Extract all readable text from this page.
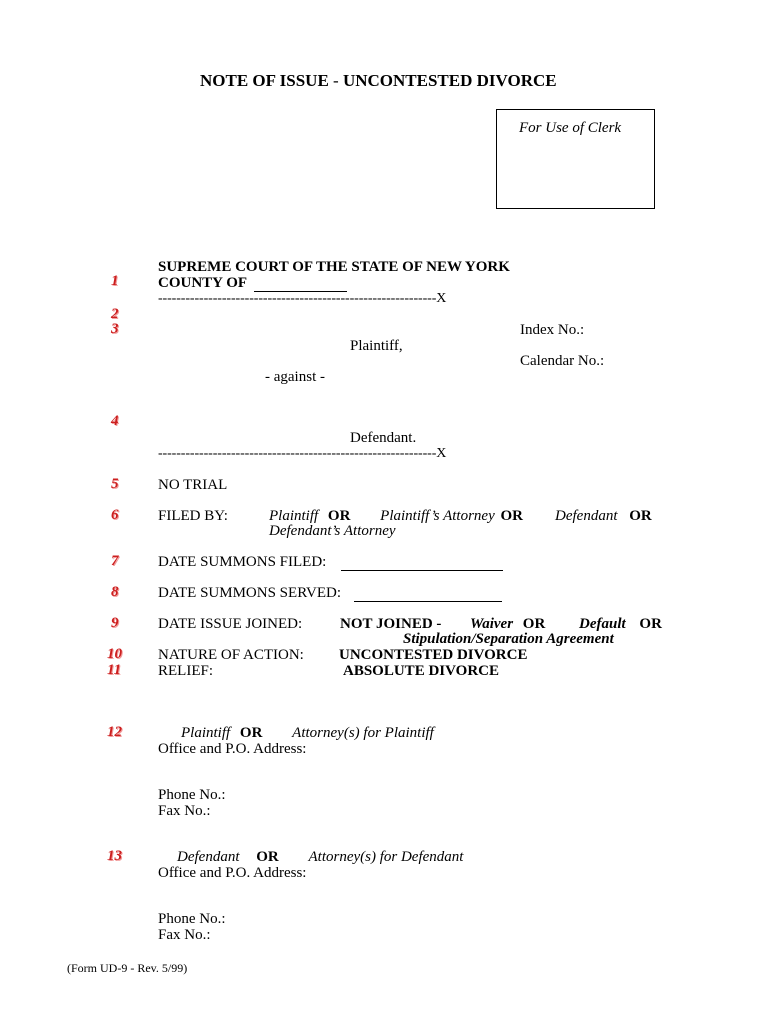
NOTE OF ISSUE - UNCONTESTED DIVORCE
For Use of Clerk
1
2
3
4
5
6
7
8
9
10
11
12
13
SUPREME COURT OF THE STATE OF NEW YORK
COUNTY OF
-------------------------------------------------------------X
Index No.:
Plaintiff,
Calendar No.:
- against -
Defendant.
-------------------------------------------------------------X
NO TRIAL
FILED BY:	Plaintiff OR Plaintiff’s Attorney OR Defendant OR
Defendant’s Attorney
DATE SUMMONS FILED:
DATE SUMMONS SERVED:
DATE ISSUE JOINED:	NOT JOINED - Waiver OR Default OR
Stipulation/Separation Agreement
NATURE OF ACTION: UNCONTESTED DIVORCE
RELIEF:	ABSOLUTE DIVORCE
Plaintiff OR Attorney(s) for Plaintiff
Office and P.O. Address:
Phone No.:
Fax No.:
Defendant OR Attorney(s) for Defendant
Office and P.O. Address:
Phone No.:
Fax No.:
(Form UD-9 - Rev. 5/99)
